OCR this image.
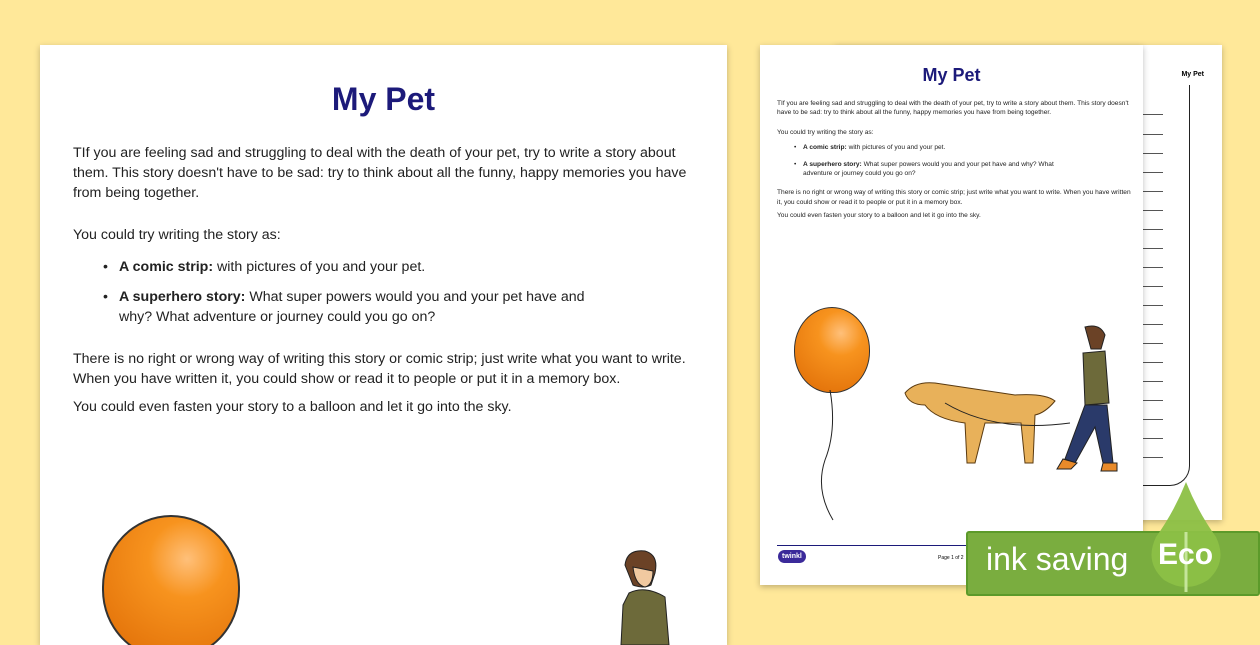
My Pet
TIf you are feeling sad and struggling to deal with the death of your pet, try to write a story about them. This story doesn't have to be sad: try to think about all the funny, happy memories you have from being together.
You could try writing the story as:
• A comic strip: with pictures of you and your pet.
• A superhero story: What super powers would you and your pet have and why? What adventure or journey could you go on?
There is no right or wrong way of writing this story or comic strip; just write what you want to write. When you have written it, you could show or read it to people or put it in a memory box.
You could even fasten your story to a balloon and let it go into the sky.
My Pet
My Pet
TIf you are feeling sad and struggling to deal with the death of your pet, try to write a story about them. This story doesn't have to be sad: try to think about all the funny, happy memories you have from being together.
You could try writing the story as:
• A comic strip: with pictures of you and your pet.
• A superhero story: What super powers would you and your pet have and why? What adventure or journey could you go on?
There is no right or wrong way of writing this story or comic strip; just write what you want to write. When you have written it, you could show or read it to people or put it in a memory box.
You could even fasten your story to a balloon and let it go into the sky.
twinkl	Page 1 of 2 ink saving Eco
